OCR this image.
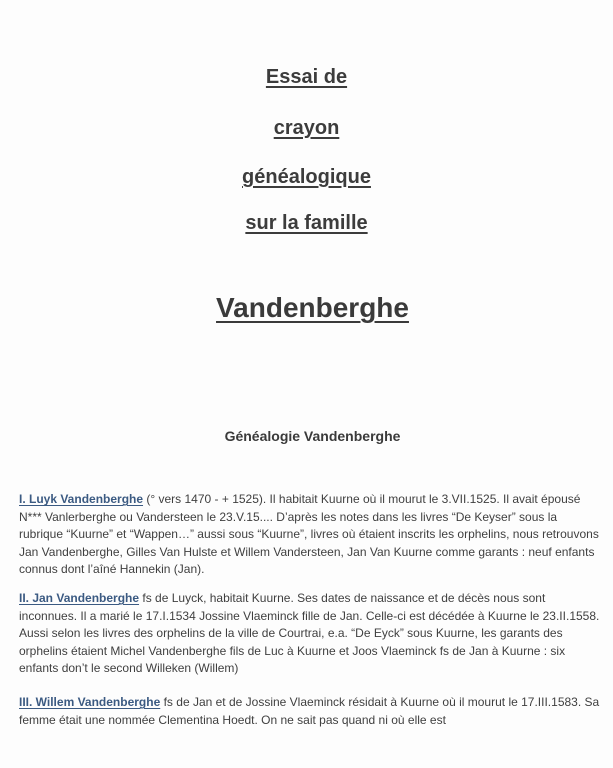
Essai de
crayon
généalogique
sur la famille
Vandenberghe
Généalogie Vandenberghe

I. Luyk Vandenberghe (° vers 1470 - + 1525). Il habitait Kuurne où il mourut le 3.VII.1525. Il avait épousé N*** Vanlerberghe ou Vandersteen le 23.V.15.... D’après les notes dans les livres “De Keyser” sous la rubrique “Kuurne” et “Wappen…” aussi sous “Kuurne”, livres où étaient inscrits les orphelins, nous retrouvons Jan Vandenberghe, Gilles Van Hulste et Willem Vandersteen, Jan Van Kuurne comme garants : neuf enfants connus dont l’aîné Hannekin (Jan).

II. Jan Vandenberghe fs de Luyck, habitait Kuurne. Ses dates de naissance et de décès nous sont inconnues. Il a marié le 17.I.1534 Jossine Vlaeminck fille de Jan. Celle-ci est décédée à Kuurne le 23.II.1558. Aussi selon les livres des orphelins de la ville de Courtrai, e.a. “De Eyck” sous Kuurne, les garants des orphelins étaient Michel Vandenberghe fils de Luc à Kuurne et Joos Vlaeminck fs de Jan à Kuurne : six enfants don’t le second Willeken (Willem)

III. Willem Vandenberghe fs de Jan et de Jossine Vlaeminck résidait à Kuurne où il mourut le 17.III.1583. Sa femme était une nommée Clementina Hoedt. On ne sait pas quand ni où elle est
